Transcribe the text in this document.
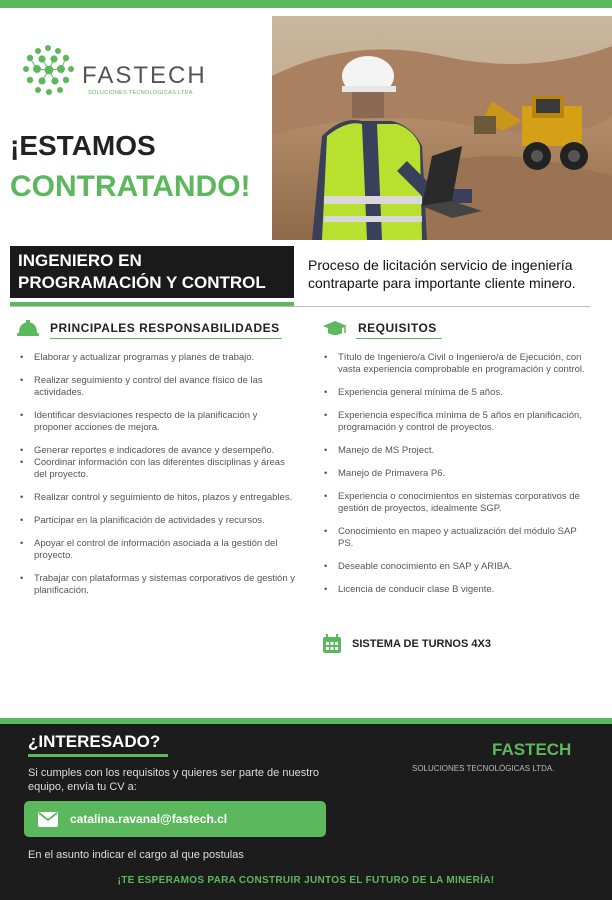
FASTECH
SOLUCIONES TECNOLÓGICAS LTDA.
¡ESTAMOS
CONTRATANDO!
INGENIERO EN
PROGRAMACIÓN Y CONTROL
Proceso de licitación servicio de ingeniería contraparte para importante cliente minero.
PRINCIPALES RESPONSABILIDADES
• Elaborar y actualizar programas y planes de trabajo.
• Realizar seguimiento y control del avance físico de las actividades.
• Identificar desviaciones respecto de la planificación y proponer acciones de mejora.
• Generar reportes e indicadores de avance y desempeño.
• Coordinar información con las diferentes disciplinas y áreas del proyecto.
• Realizar control y seguimiento de hitos, plazos y entregables.
• Participar en la planificación de actividades y recursos.
• Apoyar el control de información asociada a la gestión del proyecto.
• Trabajar con plataformas y sistemas corporativos de gestión y planificación.
REQUISITOS
• Título de Ingeniero/a Civil o Ingeniero/a de Ejecución, con vasta experiencia comprobable en programación y control.
• Experiencia general mínima de 5 años.
• Experiencia específica mínima de 5 años en planificación, programación y control de proyectos.
• Manejo de MS Project.
• Manejo de Primavera P6.
• Experiencia o conocimientos en sistemas corporativos de gestión de proyectos, idealmente SGP.
• Conocimiento en mapeo y actualización del módulo SAP PS.
• Deseable conocimiento en SAP y ARIBA.
• Licencia de conducir clase B vigente.
SISTEMA DE TURNOS 4X3
¿INTERESADO?
Si cumples con los requisitos y quieres ser parte de nuestro equipo, envía tu CV a:
FASTECH
SOLUCIONES TECNOLÓGICAS LTDA.
catalina.ravanal@fastech.cl
En el asunto indicar el cargo al que postulas
¡TE ESPERAMOS PARA CONSTRUIR JUNTOS EL FUTURO DE LA MINERÍA!
